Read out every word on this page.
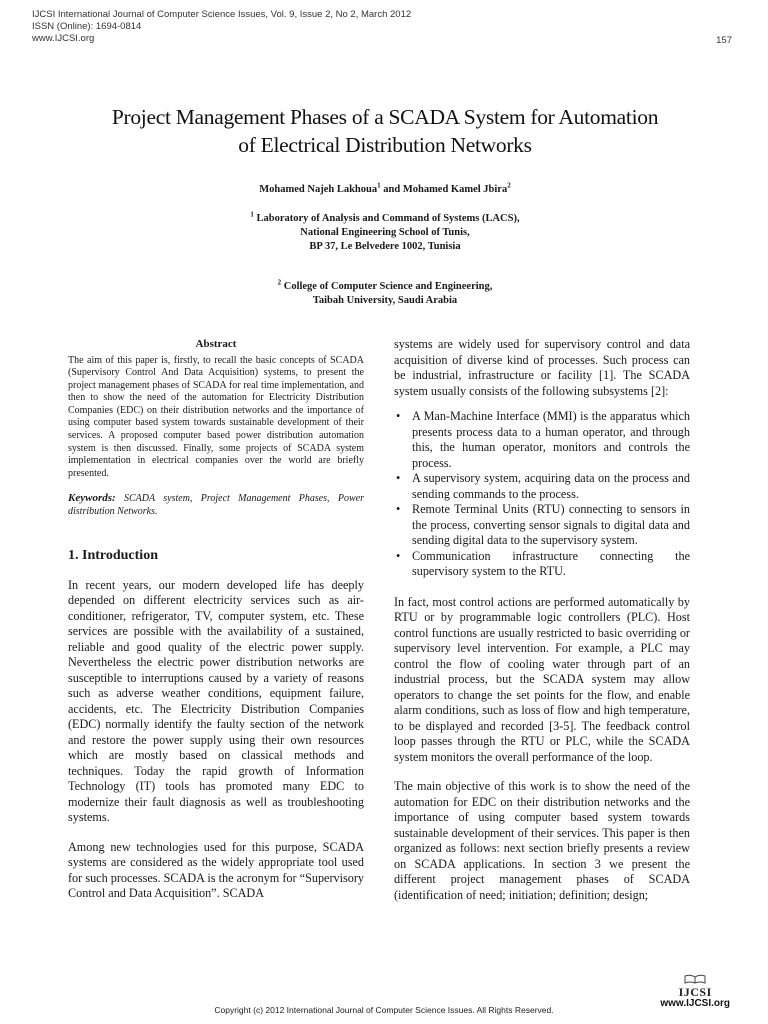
IJCSI International Journal of Computer Science Issues, Vol. 9, Issue 2, No 2, March 2012
ISSN (Online): 1694-0814
www.IJCSI.org	157
Project Management Phases of a SCADA System for Automation
of Electrical Distribution Networks
Mohamed Najeh Lakhoua$^1$ and Mohamed Kamel Jbira$^2$
$^1$ Laboratory of Analysis and Command of Systems (LACS),
National Engineering School of Tunis,
BP 37, Le Belvedere 1002, Tunisia
$^2$ College of Computer Science and Engineering,
Taibah University, Saudi Arabia
Abstract
The aim of this paper is, firstly, to recall the basic concepts of SCADA (Supervisory Control And Data Acquisition) systems, to present the project management phases of SCADA for real time implementation, and then to show the need of the automation for Electricity Distribution Companies (EDC) on their distribution networks and the importance of using computer based system towards sustainable development of their services. A proposed computer based power distribution automation system is then discussed. Finally, some projects of SCADA system implementation in electrical companies over the world are briefly presented.
Keywords: SCADA system, Project Management Phases, Power distribution Networks.
1. Introduction
In recent years, our modern developed life has deeply depended on different electricity services such as air-conditioner, refrigerator, TV, computer system, etc. These services are possible with the availability of a sustained, reliable and good quality of the electric power supply. Nevertheless the electric power distribution networks are susceptible to interruptions caused by a variety of reasons such as adverse weather conditions, equipment failure, accidents, etc. The Electricity Distribution Companies (EDC) normally identify the faulty section of the network and restore the power supply using their own resources which are mostly based on classical methods and techniques. Today the rapid growth of Information Technology (IT) tools has promoted many EDC to modernize their fault diagnosis as well as troubleshooting systems.
Among new technologies used for this purpose, SCADA systems are considered as the widely appropriate tool used for such processes. SCADA is the acronym for “Supervisory Control and Data Acquisition”. SCADA
systems are widely used for supervisory control and data acquisition of diverse kind of processes. Such process can be industrial, infrastructure or facility [1]. The SCADA system usually consists of the following subsystems [2]:
• A Man-Machine Interface (MMI) is the apparatus which presents process data to a human operator, and through this, the human operator, monitors and controls the process.
• A supervisory system, acquiring data on the process and sending commands to the process.
• Remote Terminal Units (RTU) connecting to sensors in the process, converting sensor signals to digital data and sending digital data to the supervisory system.
• Communication infrastructure connecting the supervisory system to the RTU.
In fact, most control actions are performed automatically by RTU or by programmable logic controllers (PLC). Host control functions are usually restricted to basic overriding or supervisory level intervention. For example, a PLC may control the flow of cooling water through part of an industrial process, but the SCADA system may allow operators to change the set points for the flow, and enable alarm conditions, such as loss of flow and high temperature, to be displayed and recorded [3-5]. The feedback control loop passes through the RTU or PLC, while the SCADA system monitors the overall performance of the loop.
The main objective of this work is to show the need of the automation for EDC on their distribution networks and the importance of using computer based system towards sustainable development of their services. This paper is then organized as follows: next section briefly presents a review on SCADA applications. In section 3 we present the different project management phases of SCADA (identification of need; initiation; definition; design;
IJCSI
www.IJCSI.org
Copyright (c) 2012 International Journal of Computer Science Issues. All Rights Reserved.
